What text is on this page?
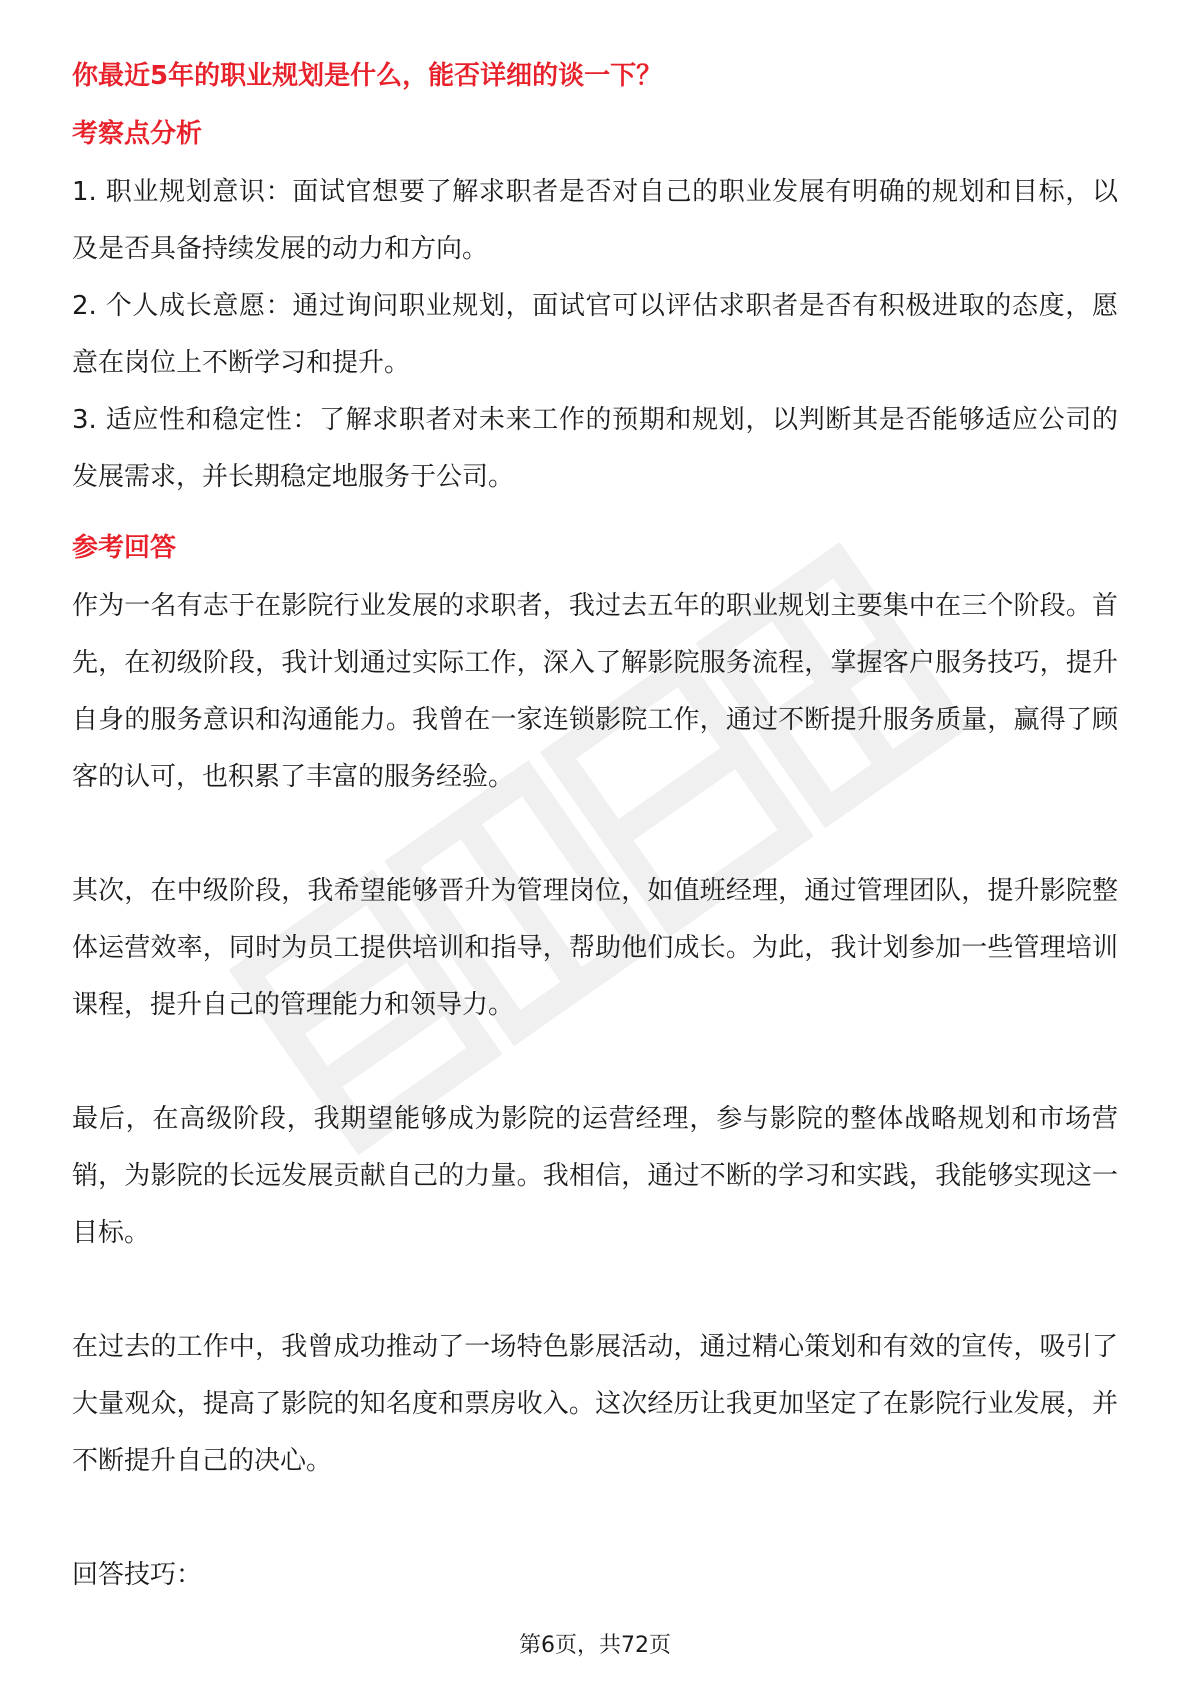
你最近5年的职业规划是什么，能否详细的谈一下？
考察点分析

1. 职业规划意识：面试官想要了解求职者是否对自己的职业发展有明确的规划和目标，以及是否具备持续发展的动力和方向。

2. 个人成长意愿：通过询问职业规划，面试官可以评估求职者是否有积极进取的态度，愿意在岗位上不断学习和提升。

3. 适应性和稳定性：了解求职者对未来工作的预期和规划，以判断其是否能够适应公司的发展需求，并长期稳定地服务于公司。

参考回答

作为一名有志于在影院行业发展的求职者，我过去五年的职业规划主要集中在三个阶段。首先，在初级阶段，我计划通过实际工作，深入了解影院服务流程，掌握客户服务技巧，提升自身的服务意识和沟通能力。我曾在一家连锁影院工作，通过不断提升服务质量，赢得了顾客的认可，也积累了丰富的服务经验。

其次，在中级阶段，我希望能够晋升为管理岗位，如值班经理，通过管理团队，提升影院整体运营效率，同时为员工提供培训和指导，帮助他们成长。为此，我计划参加一些管理培训课程，提升自己的管理能力和领导力。

最后，在高级阶段，我期望能够成为影院的运营经理，参与影院的整体战略规划和市场营销，为影院的长远发展贡献自己的力量。我相信，通过不断的学习和实践，我能够实现这一目标。

在过去的工作中，我曾成功推动了一场特色影展活动，通过精心策划和有效的宣传，吸引了大量观众，提高了影院的知名度和票房收入。这次经历让我更加坚定了在影院行业发展，并不断提升自己的决心。

回答技巧：

第6页，共72页
